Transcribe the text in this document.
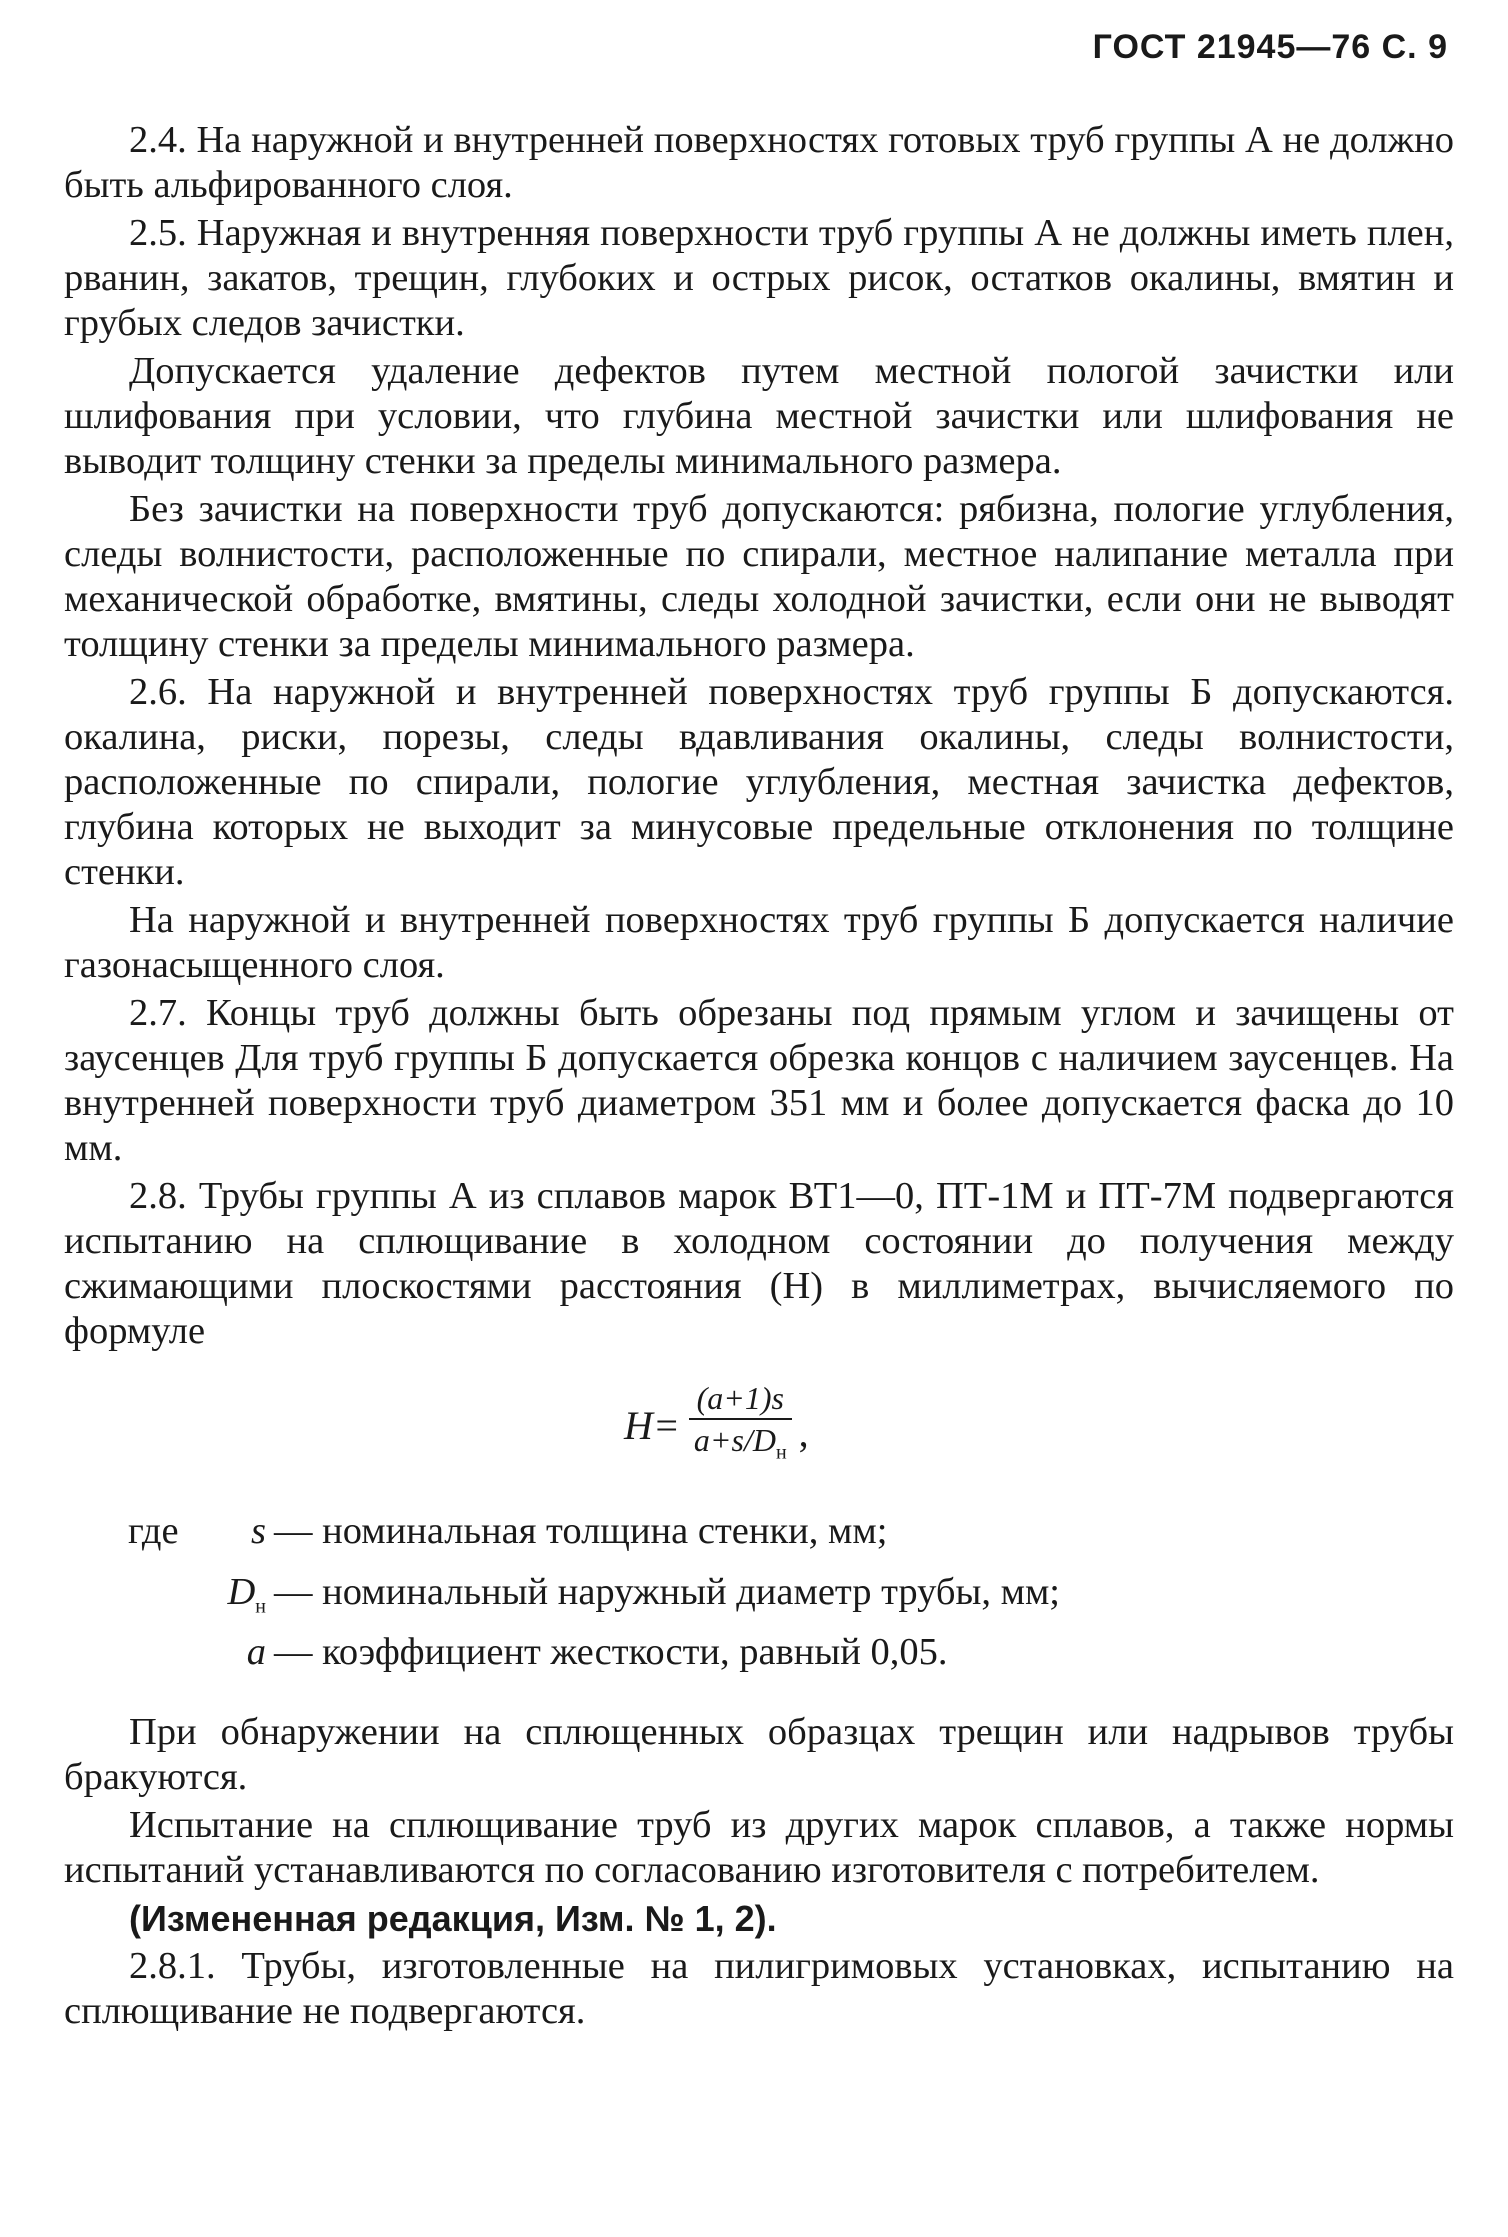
ГОСТ 21945—76 С. 9

2.4. На наружной и внутренней поверхностях готовых труб группы А не должно быть альфированного слоя.

2.5. Наружная и внутренняя поверхности труб группы А не должны иметь плен, рванин, закатов, трещин, глубоких и острых рисок, остатков окалины, вмятин и грубых следов зачистки.

Допускается удаление дефектов путем местной пологой зачистки или шлифования при условии, что глубина местной зачистки или шлифования не выводит толщину стенки за пределы минимального размера.

Без зачистки на поверхности труб допускаются: рябизна, пологие углубления, следы волнистости, расположенные по спирали, местное налипание металла при механической обработке, вмятины, следы холодной зачистки, если они не выводят толщину стенки за пределы минимального размера.

2.6. На наружной и внутренней поверхностях труб группы Б допускаются. окалина, риски, порезы, следы вдавливания окалины, следы волнистости, расположенные по спирали, пологие углубления, местная зачистка дефектов, глубина которых не выходит за минусовые предельные отклонения по толщине стенки.

На наружной и внутренней поверхностях труб группы Б допускается наличие газонасыщенного слоя.

2.7. Концы труб должны быть обрезаны под прямым углом и зачищены от заусенцев Для труб группы Б допускается обрезка концов с наличием заусенцев. На внутренней поверхности труб диаметром 351 мм и более допускается фаска до 10 мм.

2.8. Трубы группы А из сплавов марок ВТ1—0, ПТ-1М и ПТ-7М подвергаются испытанию на сплющивание в холодном состоянии до получения между сжимающими плоскостями расстояния (Н) в миллиметрах, вычисляемого по формуле

$H= \frac{(a+1)s}{a+s/D_н}$ ,
где	s — номинальная толщина стенки, мм;
$D_н$ — номинальный наружный диаметр трубы, мм;
a — коэффициент жесткости, равный 0,05.

При обнаружении на сплющенных образцах трещин или надрывов трубы бракуются.

Испытание на сплющивание труб из других марок сплавов, а также нормы испытаний устанавливаются по согласованию изготовителя с потребителем.

(Измененная редакция, Изм. № 1, 2).

2.8.1. Трубы, изготовленные на пилигримовых установках, испытанию на сплющивание не подвергаются.
